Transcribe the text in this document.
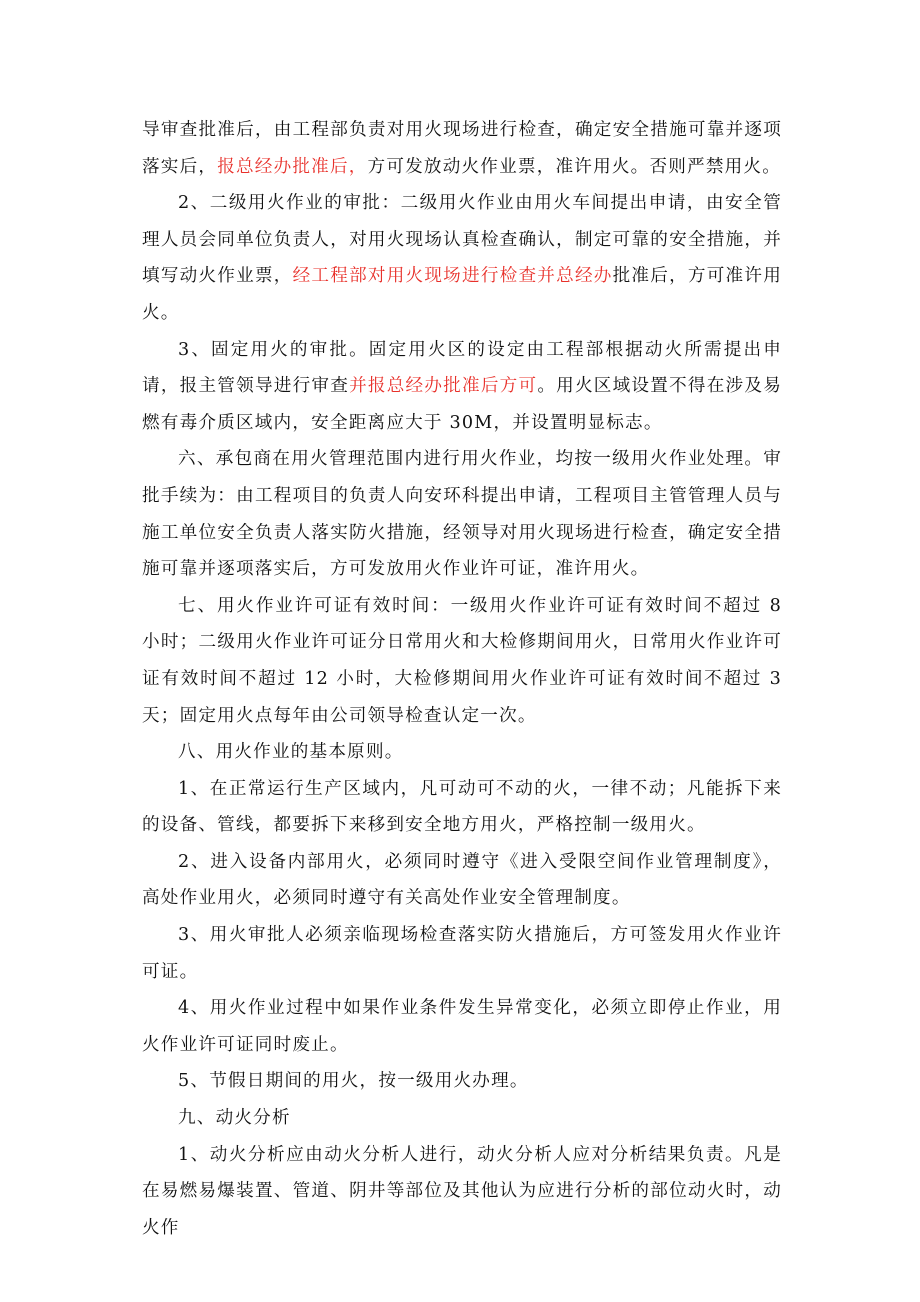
导审查批准后，由工程部负责对用火现场进行检查，确定安全措施可靠并逐项落实后，报总经办批准后，方可发放动火作业票，准许用火。否则严禁用火。

2、二级用火作业的审批：二级用火作业由用火车间提出申请，由安全管理人员会同单位负责人，对用火现场认真检查确认，制定可靠的安全措施，并填写动火作业票，经工程部对用火现场进行检查并总经办批准后，方可准许用火。

3、固定用火的审批。固定用火区的设定由工程部根据动火所需提出申请，报主管领导进行审查并报总经办批准后方可。用火区域设置不得在涉及易燃有毒介质区域内，安全距离应大于 30M，并设置明显标志。

六、承包商在用火管理范围内进行用火作业，均按一级用火作业处理。审批手续为：由工程项目的负责人向安环科提出申请，工程项目主管管理人员与施工单位安全负责人落实防火措施，经领导对用火现场进行检查，确定安全措施可靠并逐项落实后，方可发放用火作业许可证，准许用火。

七、用火作业许可证有效时间：一级用火作业许可证有效时间不超过 8 小时；二级用火作业许可证分日常用火和大检修期间用火，日常用火作业许可证有效时间不超过 12 小时，大检修期间用火作业许可证有效时间不超过 3 天；固定用火点每年由公司领导检查认定一次。

八、用火作业的基本原则。

1、在正常运行生产区域内，凡可动可不动的火，一律不动；凡能拆下来的设备、管线，都要拆下来移到安全地方用火，严格控制一级用火。

2、进入设备内部用火，必须同时遵守《进入受限空间作业管理制度》，高处作业用火，必须同时遵守有关高处作业安全管理制度。

3、用火审批人必须亲临现场检查落实防火措施后，方可签发用火作业许可证。

4、用火作业过程中如果作业条件发生异常变化，必须立即停止作业，用火作业许可证同时废止。

5、节假日期间的用火，按一级用火办理。

九、动火分析

1、动火分析应由动火分析人进行，动火分析人应对分析结果负责。凡是在易燃易爆装置、管道、阴井等部位及其他认为应进行分析的部位动火时，动火作
